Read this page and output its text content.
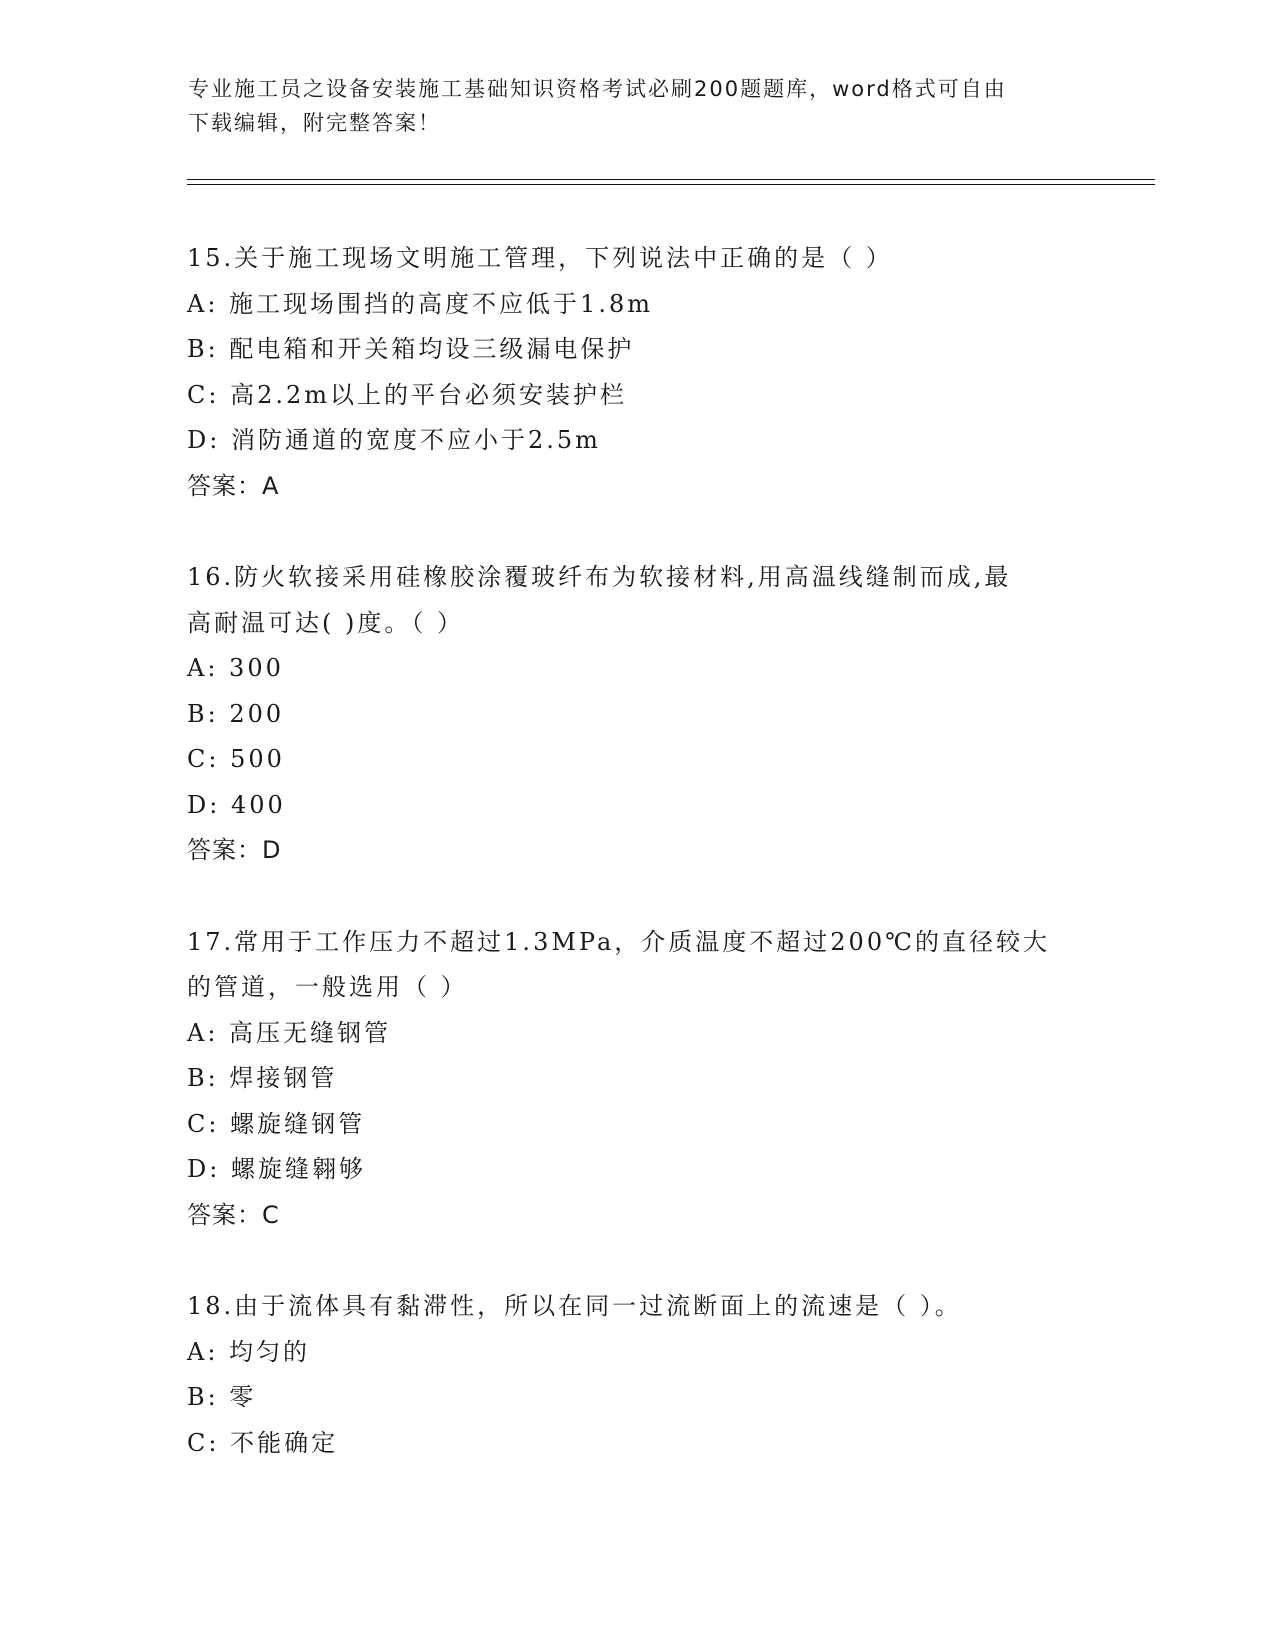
专业施工员之设备安装施工基础知识资格考试必刷200题题库，word格式可自由
下载编辑，附完整答案！
15.关于施工现场文明施工管理，下列说法中正确的是（ ）
A: 施工现场围挡的高度不应低于1.8m
B: 配电箱和开关箱均设三级漏电保护
C: 高2.2m以上的平台必须安装护栏
D: 消防通道的宽度不应小于2.5m
答案：A
16.防火软接采用硅橡胶涂覆玻纤布为软接材料,用高温线缝制而成,最
高耐温可达( )度。（ ）
A: 300
B: 200
C: 500
D: 400
答案：D
17.常用于工作压力不超过1.3MPa，介质温度不超过200℃的直径较大
的管道，一般选用（ ）
A: 高压无缝钢管
B: 焊接钢管
C: 螺旋缝钢管
D: 螺旋缝翱够
答案：C
18.由于流体具有黏滞性，所以在同一过流断面上的流速是（ ）。
A: 均匀的
B: 零
C: 不能确定
